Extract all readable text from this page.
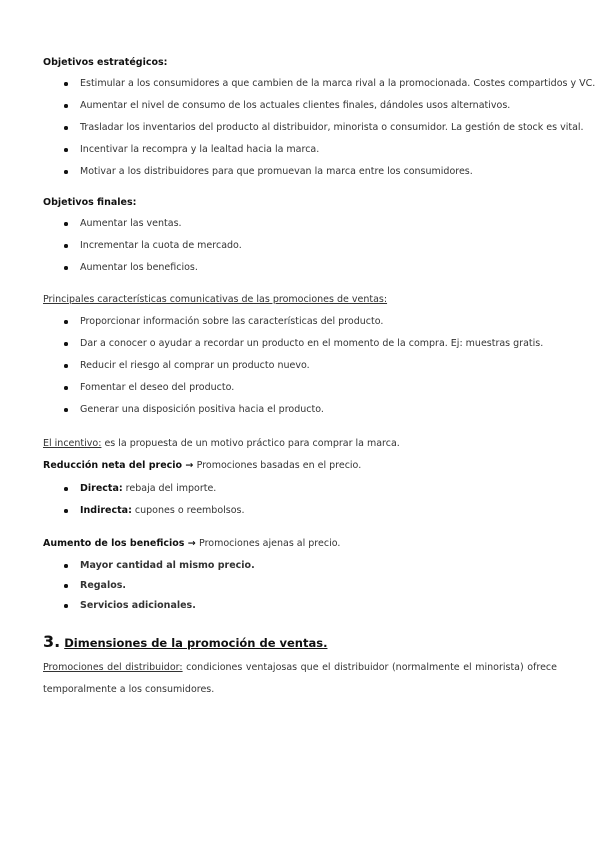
Objetivos estratégicos:
Estimular a los consumidores a que cambien de la marca rival a la promocionada. Costes compartidos y VC.
Aumentar el nivel de consumo de los actuales clientes finales, dándoles usos alternativos.
Trasladar los inventarios del producto al distribuidor, minorista o consumidor. La gestión de stock es vital.
Incentivar la recompra y la lealtad hacia la marca.
Motivar a los distribuidores para que promuevan la marca entre los consumidores.
Objetivos finales:
Aumentar las ventas.
Incrementar la cuota de mercado.
Aumentar los beneficios.
Principales características comunicativas de las promociones de ventas:
Proporcionar información sobre las características del producto.
Dar a conocer o ayudar a recordar un producto en el momento de la compra. Ej: muestras gratis.
Reducir el riesgo al comprar un producto nuevo.
Fomentar el deseo del producto.
Generar una disposición positiva hacia el producto.
El incentivo: es la propuesta de un motivo práctico para comprar la marca.
Reducción neta del precio → Promociones basadas en el precio.
Directa: rebaja del importe.
Indirecta: cupones o reembolsos.
Aumento de los beneficios → Promociones ajenas al precio.
Mayor cantidad al mismo precio.
Regalos.
Servicios adicionales.
3. Dimensiones de la promoción de ventas.
Promociones del distribuidor: condiciones ventajosas que el distribuidor (normalmente el minorista) ofrece temporalmente a los consumidores.
